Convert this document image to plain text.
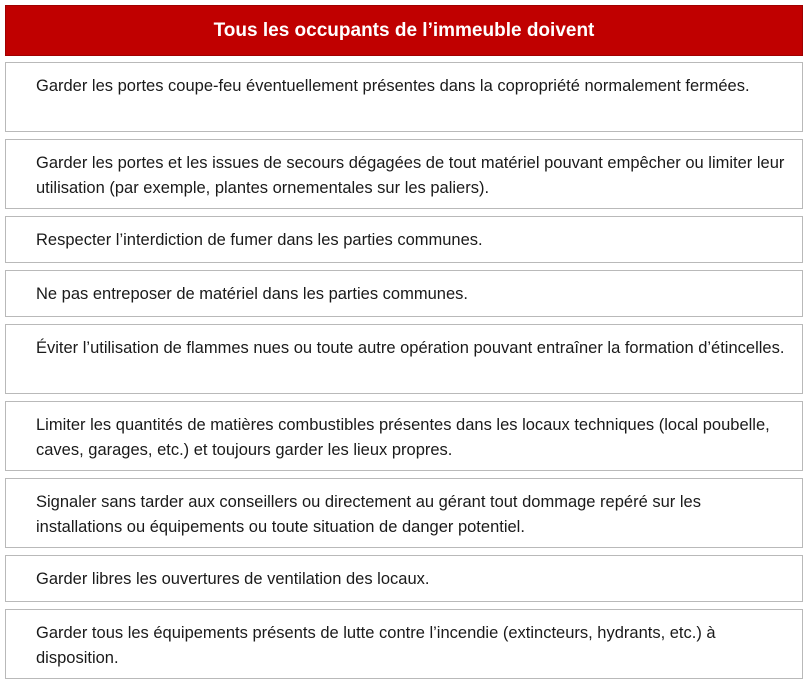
Tous les occupants de l’immeuble doivent
Garder les portes coupe-feu éventuellement présentes dans la copropriété normalement fermées.
Garder les portes et les issues de secours dégagées de tout matériel pouvant empêcher ou limiter leur utilisation (par exemple, plantes ornementales sur les paliers).
Respecter l’interdiction de fumer dans les parties communes.
Ne pas entreposer de matériel dans les parties communes.
Éviter l’utilisation de flammes nues ou toute autre opération pouvant entraîner la formation d’étincelles.
Limiter les quantités de matières combustibles présentes dans les locaux techniques (local poubelle, caves, garages, etc.) et toujours garder les lieux propres.
Signaler sans tarder aux conseillers ou directement au gérant tout dommage repéré sur les installations ou équipements ou toute situation de danger potentiel.
Garder libres les ouvertures de ventilation des locaux.
Garder tous les équipements présents de lutte contre l’incendie (extincteurs, hydrants, etc.) à disposition.
